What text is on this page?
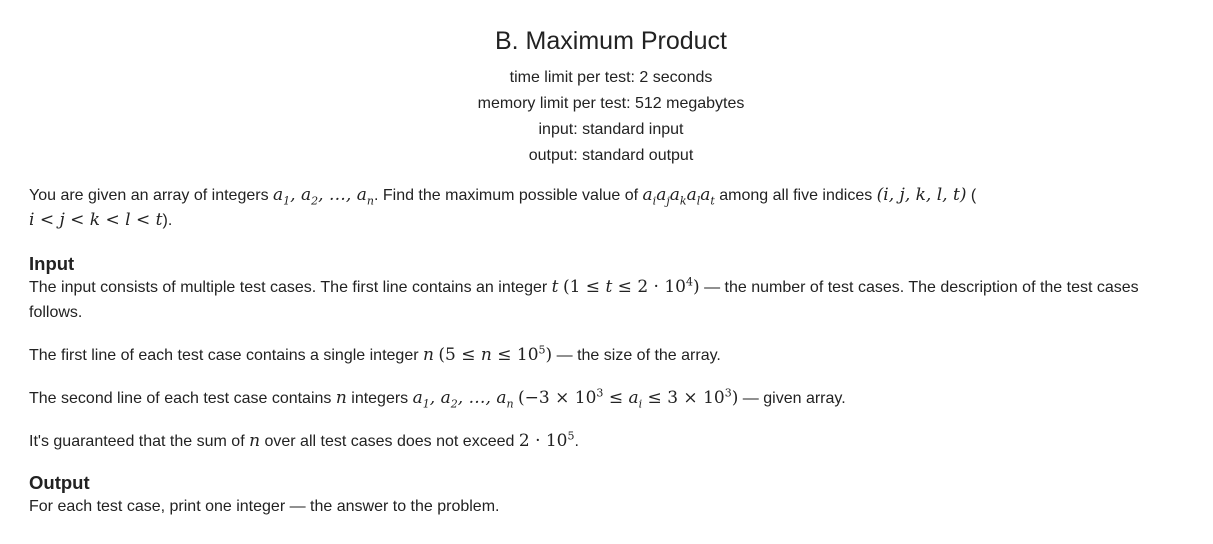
B. Maximum Product
time limit per test: 2 seconds
memory limit per test: 512 megabytes
input: standard input
output: standard output

You are given an array of integers $a_1$, $a_2$, …, $a_n$. Find the maximum possible value of $a_ia_ja_ka_la_t$ among all five indices (i, j, k, l, t) (
i < j < k < l < t).

Input

The input consists of multiple test cases. The first line contains an integer t $(1 \le t \le 2 \cdot 10^4)$ — the number of test cases. The description of the test cases follows.

The first line of each test case contains a single integer n $(5 \le n \le 10^5)$ — the size of the array.

The second line of each test case contains n integers $a_1$, $a_2$, …, $a_n$ $(-3 \times 10^3 \le a_i \le 3 \times 10^3)$ — given array.

It's guaranteed that the sum of n over all test cases does not exceed $2 \cdot 10^5$.

Output

For each test case, print one integer — the answer to the problem.
